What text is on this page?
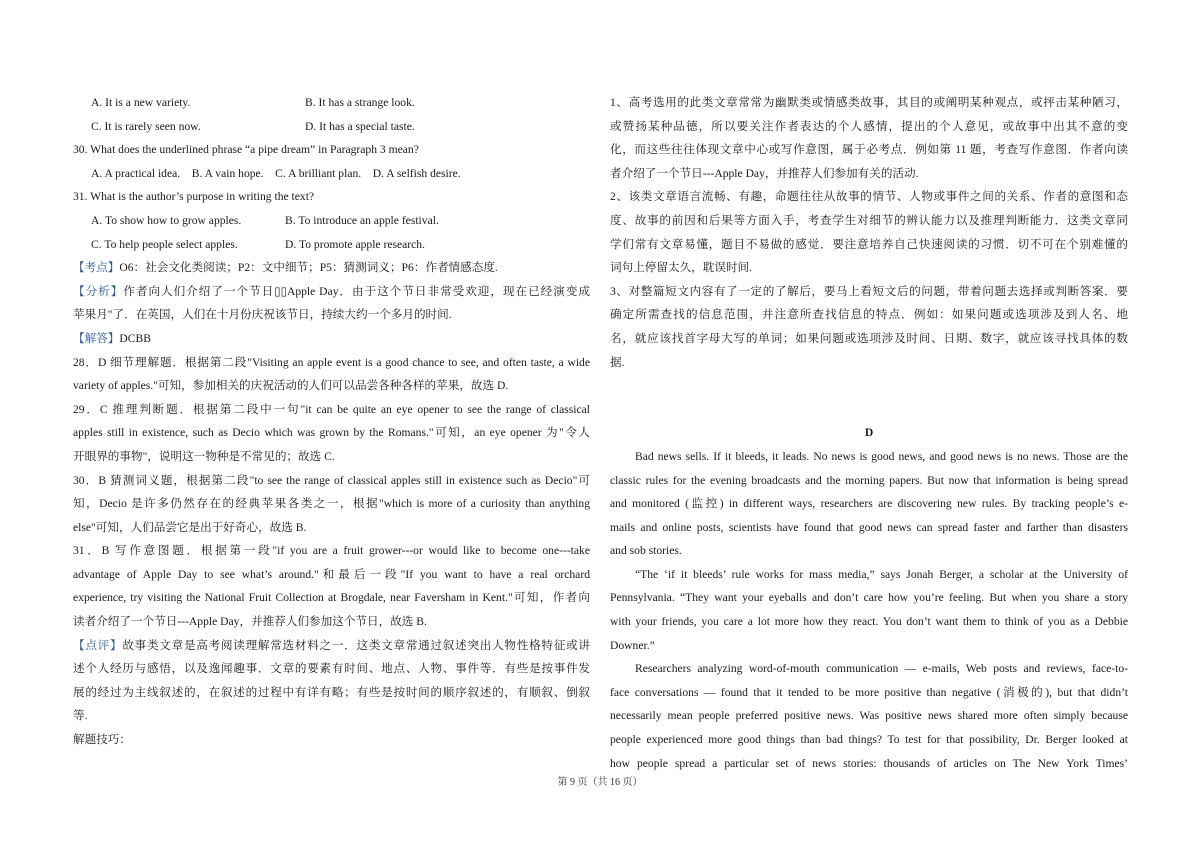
A. It is a new variety.	B. It has a strange look.
C. It is rarely seen now.	D. It has a special taste.
30. What does the underlined phrase “a pipe dream” in Paragraph 3 mean?
A. A practical idea.    B. A vain hope.    C. A brilliant plan.    D. A selfish desire.
31. What is the author’s purpose in writing the text?
A. To show how to grow apples.	B. To introduce an apple festival.
C. To help people select apples.	D. To promote apple research.
【考点】O6：社会文化类阅读；P2：文中细节；P5：猜测词义；P6：作者情感态度.
【分析】作者向人们介绍了一个节日▯▯Apple Day．由于这个节日非常受欢迎，现在已经演变成
苹果月"了．在英国，人们在十月份庆祝该节日，持续大约一个多月的时间.
【解答】DCBB
28．D 细节理解题．根据第二段"Visiting an apple event is a good chance to see, and often taste, a wide
variety of apples."可知，参加相关的庆祝活动的人们可以品尝各种各样的苹果，故选 D.
29．C 推理判断题．根据第二段中一句"it can be quite an eye opener to see the range of classical
apples still in existence, such as Decio which was grown by the Romans."可知，an eye opener 为"令人
开眼界的事物"，说明这一物种是不常见的；故选 C.
30．B 猜测词义题，根据第二段"to see the range of classical apples still in existence such as Decio"可
知，Decio 是许多仍然存在的经典苹果各类之一，根据"which is more of a curiosity than anything
else"可知，人们品尝它是出于好奇心，故选 B.
31．B 写作意图题．根据第一段"if you are a fruit grower---or would like to become one---take
advantage of Apple Day to see what’s around."和最后一段"If you want to have a real orchard
experience, try visiting the National Fruit Collection at Brogdale, near Faversham in Kent."可知，作者向
读者介绍了一个节日---Apple Day，并推荐人们参加这个节日，故选 B.
【点评】故事类文章是高考阅读理解常选材料之一．这类文章常通过叙述突出人物性格特征或讲
述个人经历与感悟，以及逸闻趣事．文章的要素有时间、地点、人物、事件等．有些是按事件发
展的经过为主线叙述的，在叙述的过程中有详有略；有些是按时间的顺序叙述的，有顺叙、倒叙
等.
解题技巧：
1、高考选用的此类文章常常为幽默类或情感类故事，其目的或阐明某种观点，或抨击某种陋习，
或赞扬某种品德，所以要关注作者表达的个人感情，提出的个人意见，或故事中出其不意的变
化，而这些往往体现文章中心或写作意图，属于必考点．例如第 11 题，考查写作意图．作者向读
者介绍了一个节日---Apple Day，并推荐人们参加有关的活动.
2、该类文章语言流畅、有趣，命题往往从故事的情节、人物或事件之间的关系、作者的意图和态
度、故事的前因和后果等方面入手，考查学生对细节的辨认能力以及推理判断能力．这类文章同
学们常有文章易懂，题目不易做的感觉．要注意培养自己快速阅读的习惯．切不可在个别难懂的
词句上停留太久，耽误时间.
3、对整篇短文内容有了一定的了解后，要马上看短文后的问题，带着问题去选择或判断答案．要
确定所需查找的信息范围，并注意所查找信息的特点．例如：如果问题或选项涉及到人名、地
名，就应该找首字母大写的单词；如果问题或选项涉及时间、日期、数字，就应该寻找具体的数
据.
D
Bad news sells. If it bleeds, it leads. No news is good news, and good news is no news. Those are the
classic rules for the evening broadcasts and the morning papers. But now that information is being spread
and monitored (监控) in different ways, researchers are discovering new rules. By tracking people’s e-
mails and online posts, scientists have found that good news can spread faster and farther than disasters
and sob stories.
“The ‘if it bleeds’ rule works for mass media,” says Jonah Berger, a scholar at the University of
Pennsylvania. “They want your eyeballs and don’t care how you’re feeling. But when you share a story
with your friends, you care a lot more how they react. You don’t want them to think of you as a Debbie
Downer.”
Researchers analyzing word-of-mouth communication — e-mails, Web posts and reviews, face-to-
face conversations — found that it tended to be more positive than negative (消极的), but that didn’t
necessarily mean people preferred positive news. Was positive news shared more often simply because
people experienced more good things than bad things? To test for that possibility, Dr. Berger looked at
how people spread a particular set of news stories: thousands of articles on The New York Times’
第 9 页（共 16 页）
